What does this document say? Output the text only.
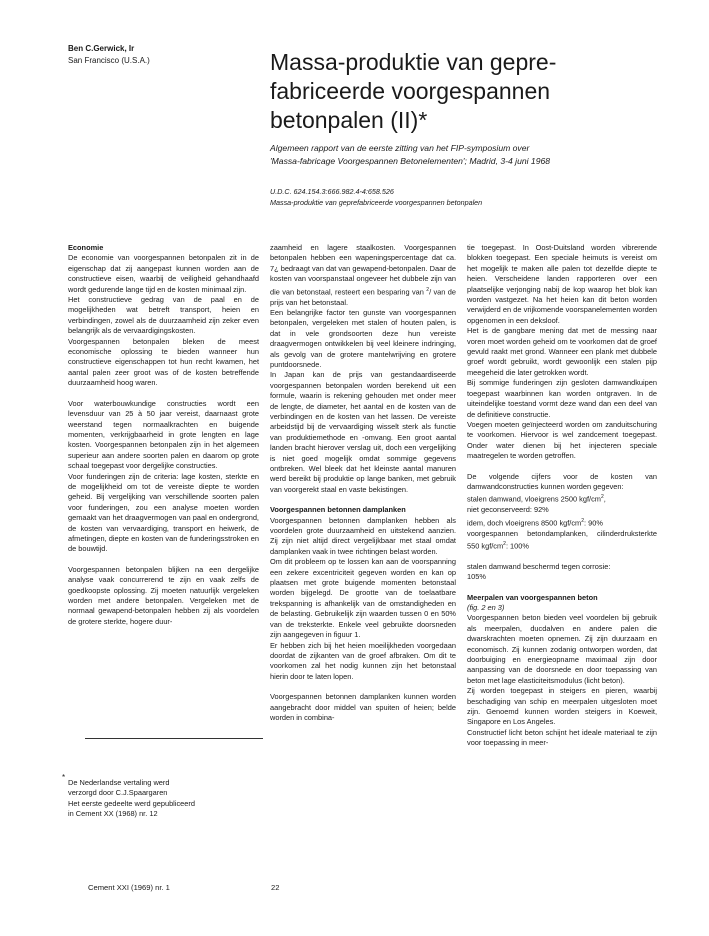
Ben C.Gerwick, Ir
San Francisco (U.S.A.)	Massa-produktie van gepre-
fabriceerde voorgespannen
betonpalen (II)*
Algemeen rapport van de eerste zitting van het FIP-symposium over
'Massa-fabricage Voorgespannen Betonelementen'; Madrid, 3-4 juni 1968
U.D.C. 624.154.3:666.982.4-4:658.526
Massa-produktie van geprefabriceerde voorgespannen betonpalen
Economie

De economie van voorgespannen betonpalen zit in de eigenschap dat zij aangepast kunnen worden aan de constructieve eisen, waarbij de veiligheid gehandhaafd wordt gedurende lange tijd en de kosten minimaal zijn.

Het constructieve gedrag van de paal en de mogelijkheden wat betreft transport, heien en verbindingen, zowel als de duurzaamheid zijn zeker even belangrijk als de vervaardigingskosten.

Voorgespannen betonpalen bleken de meest economische oplossing te bieden wanneer hun constructieve eigenschappen tot hun recht kwamen, het aantal palen zeer groot was of de kosten betreffende duurzaamheid hoog waren.

Voor waterbouwkundige constructies wordt een levensduur van 25 à 50 jaar vereist, daarnaast grote weerstand tegen normaalkrachten en buigende momenten, verkrijgbaarheid in grote lengten en lage kosten. Voorgespannen betonpalen zijn in het algemeen superieur aan andere soorten palen en daarom op grote schaal toegepast voor dergelijke constructies.

Voor funderingen zijn de criteria: lage kosten, sterkte en de mogelijkheid om tot de vereiste diepte te worden geheid. Bij vergelijking van verschillende soorten palen voor funderingen, zou een analyse moeten worden gemaakt van het draagvermogen van paal en ondergrond, de kosten van vervaardiging, transport en heiwerk, de afmetingen, diepte en kosten van de funderingsstroken en de bouwtijd.

Voorgespannen betonpalen blijken na een dergelijke analyse vaak concurrerend te zijn en vaak zelfs de goedkoopste oplossing. Zij moeten natuurlijk vergeleken worden met andere betonpalen. Vergeleken met de normaal gewapend-betonpalen hebben zij als voordelen de grotere sterkte, hogere duur-

*
De Nederlandse vertaling werd
verzorgd door C.J.Spaargaren
Het eerste gedeelte werd gepubliceerd
in Cement XX (1968) nr. 12

zaamheid en lagere staalkosten. Voorgespannen betonpalen hebben een wapeningspercentage dat ca. 7¿ bedraagt van dat van gewapend-betonpalen. Daar de kosten van voorspanstaal ongeveer het dubbele zijn van die van betonstaal, resteert een besparing van $^2$/ van de prijs van het betonstaal.

Een belangrijke factor ten gunste van voorgespannen betonpalen, vergeleken met stalen of houten palen, is dat in vele grondsoorten deze hun vereiste draagvermogen ontwikkelen bij veel kleinere indringing, als gevolg van de grotere mantelwrijving en grotere puntdoorsnede.

In Japan kan de prijs van gestandaardiseerde voorgespannen betonpalen worden berekend uit een formule, waarin is rekening gehouden met onder meer de lengte, de diameter, het aantal en de kosten van de verbindingen en de kosten van het lassen. De vereiste arbeidstijd bij de vervaardiging wisselt sterk als functie van produktiemethode en -omvang. Een groot aantal landen bracht hierover verslag uit, doch een vergelijking is niet goed mogelijk omdat sommige gegevens ontbreken. Wel bleek dat het kleinste aantal manuren werd bereikt bij produktie op lange banken, met gebruik van voorgerekt staal en vaste bekistingen.

Voorgespannen betonnen damplanken

Voorgespannen betonnen damplanken hebben als voordelen grote duurzaamheid en uitstekend aanzien. Zij zijn niet altijd direct vergelijkbaar met staal omdat damplanken vaak in twee richtingen belast worden.

Om dit probleem op te lossen kan aan de voorspanning een zekere excentriciteit gegeven worden en kan op plaatsen met grote buigende momenten betonstaal worden bijgelegd. De grootte van de toelaatbare trekspanning is afhankelijk van de omstandigheden en de belasting. Gebruikelijk zijn waarden tussen 0 en 50% van de treksterkte. Enkele veel gebruikte doorsneden zijn aangegeven in figuur 1.

Er hebben zich bij het heien moeilijkheden voorgedaan doordat de zijkanten van de groef afbraken. Om dit te voorkomen zal het nodig kunnen zijn het betonstaal hierin door te laten lopen.

Voorgespannen betonnen damplanken kunnen worden aangebracht door middel van spuiten of heien; belde worden in combina-

tie toegepast. In Oost-Duitsland worden vibrerende blokken toegepast. Een speciale heimuts is vereist om het mogelijk te maken alle palen tot dezelfde diepte te heien. Verscheidene landen rapporteren over een plaatselijke verjonging nabij de kop waarop het blok kan worden vastgezet. Na het heien kan dit beton worden verwijderd en de vrijkomende voorspanelementen worden opgenomen in een deksloof.

Het is de gangbare mening dat met de messing naar voren moet worden geheid om te voorkomen dat de groef gevuld raakt met grond. Wanneer een plank met dubbele groef wordt gebruikt, wordt gewoonlijk een stalen pijp meegeheid die later getrokken wordt.

Bij sommige funderingen zijn gesloten damwandkuipen toegepast waarbinnen kan worden ontgraven. In de uiteindelijke toestand vormt deze wand dan een deel van de definitieve constructie.

Voegen moeten geïnjecteerd worden om zanduitschuring te voorkomen. Hiervoor is wel zandcement toegepast. Onder water dienen bij het injecteren speciale maatregelen te worden getroffen.

De volgende cijfers voor de kosten van damwandconstructies kunnen worden gegeven:

stalen damwand, vloeigrens 2500 kgf/$cm^2$,

niet geconserveerd: 92%

idem, doch vloeigrens 8500 kgf/$cm^2$: 90%

voorgespannen betondamplanken, cilinderdruksterkte 550 kgf/$cm^2$: 100%

stalen damwand beschermd tegen corrosie:

105%

Meerpalen van voorgespannen beton

(fig. 2 en 3)

Voorgespannen beton bieden veel voordelen bij gebruik als meerpalen, ducdalven en andere palen die dwarskrachten moeten opnemen. Zij zijn duurzaam en economisch. Zij kunnen zodanig ontworpen worden, dat doorbuiging en energieopname maximaal zijn door aanpassing van de doorsnede en door toepassing van beton met lage elasticiteitsmodulus (licht beton).

Zij worden toegepast in steigers en pieren, waarbij beschadiging van schip en meerpalen uitgesloten moet zijn. Genoemd kunnen worden steigers in Koeweit, Singapore en Los Angeles.

Constructief licht beton schijnt het ideale materiaal te zijn voor toepassing in meer-

Cement XXI (1969) nr. 1	22
